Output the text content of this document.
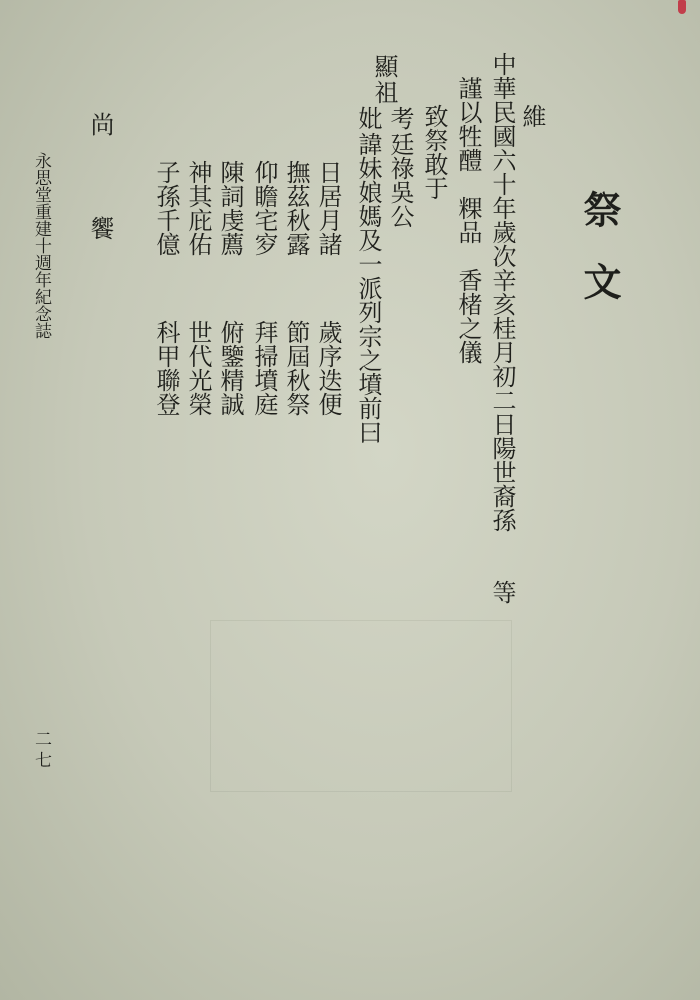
祭文
維
中華民國六十年歲次辛亥桂月初二日陽世裔孫　　等
謹以牲醴　粿品　香楮之儀
致祭敢于
顯
祖
考
妣
廷祿吳公
諱妹娘媽及一派列宗之墳前曰
日居月諸
撫茲秋露
仰瞻宅穸
陳詞虔薦
神其庇佑
子孫千億
歲序迭便
節屆秋祭
拜掃墳庭
俯鑒精誠
世代光榮
科甲聯登
尚　饗
永思堂重建十週年紀念誌
二七
